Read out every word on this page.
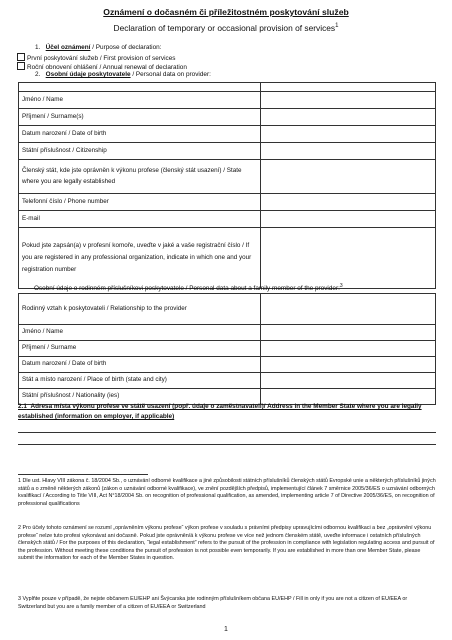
Oznámení o dočasném či příležitostném poskytování služeb
Declaration of temporary or occasional provision of services$^1$
1. Účel oznámení / Purpose of declaration:
První poskytování služeb / First provision of services
Roční obnovení ohlášení / Annual renewal of declaration
2. Osobní údaje poskytovatele / Personal data on provider:

Jméno / Name	
Příjmení / Surname(s)	
Datum narození / Date of birth	
Státní příslušnost / Citizenship	
Členský stát, kde jste oprávněn k výkonu profese (členský stát usazení) / State where you are legally established	
Telefonní číslo / Phone number	
E-mail	
Pokud jste zapsán(a) v profesní komoře, uveďte v jaké a vaše registrační číslo / If you are registered in any professional organization, indicate in which one and your registration number	
Osobní údaje o rodinném příslušníkovi poskytovatele / Personal data about a family member of the provider:$^3$
Rodinný vztah k poskytovateli / Relationship to the provider	
Jméno / Name	
Příjmení / Surname	
Datum narození / Date of birth	
Stát a místo narození / Place of birth (state and city)	
Státní příslušnost / Nationality (ies)	
2.1 Adresa místa výkonu profese ve státě usazení (popř. údaje o zaměstnavateli)/ Address in the Member State where you are legally established (information on employer, if applicable)
1 Dle ust. Hlavy VIII zákona č. 18/2004 Sb., o uznávání odborné kvalifikace a jiné způsobilosti státních příslušníků členských států Evropské unie a některých příslušníků jiných států a o změně některých zákonů (zákon o uznávání odborné kvalifikace), ve znění pozdějších předpisů, implementující článek 7 směrnice 2005/36/ES o uznávání odborných kvalifikací / According to Title VIII, Act N°18/2004 Sb. on recognition of professional qualification, as amended, implementing article 7 of Directive 2005/36/ES, on recognition of professional qualifications
2 Pro účely tohoto oznámení se rozumí „oprávněním výkonu profese“ výkon profese v souladu s právními předpisy upravujícími odbornou kvalifikaci a bez „oprávnění výkonu profese“ nelze tuto profesi vykonávat ani dočasně. Pokud jste oprávněn/á k výkonu profese ve více než jednom členském státě, uveďte informace i ostatních příslušných členských států / For the purposes of this declaration, “legal establishment” refers to the pursuit of the profession in compliance with legislation regulating access and pursuit of the profession. Without meeting these conditions the pursuit of profession is not possible even temporarily. If you are established in more than one Member State, please submit the information for each of the Member States in question.
3 Vyplňte pouze v případě, že nejste občanem EU/EHP ani Švýcarska jste rodinným příslušníkem občana EU/EHP / Fill in only if you are not a citizen of EU/EEA or Switzerland but you are a family member of a citizen of EU/EEA or Switzerland
1
